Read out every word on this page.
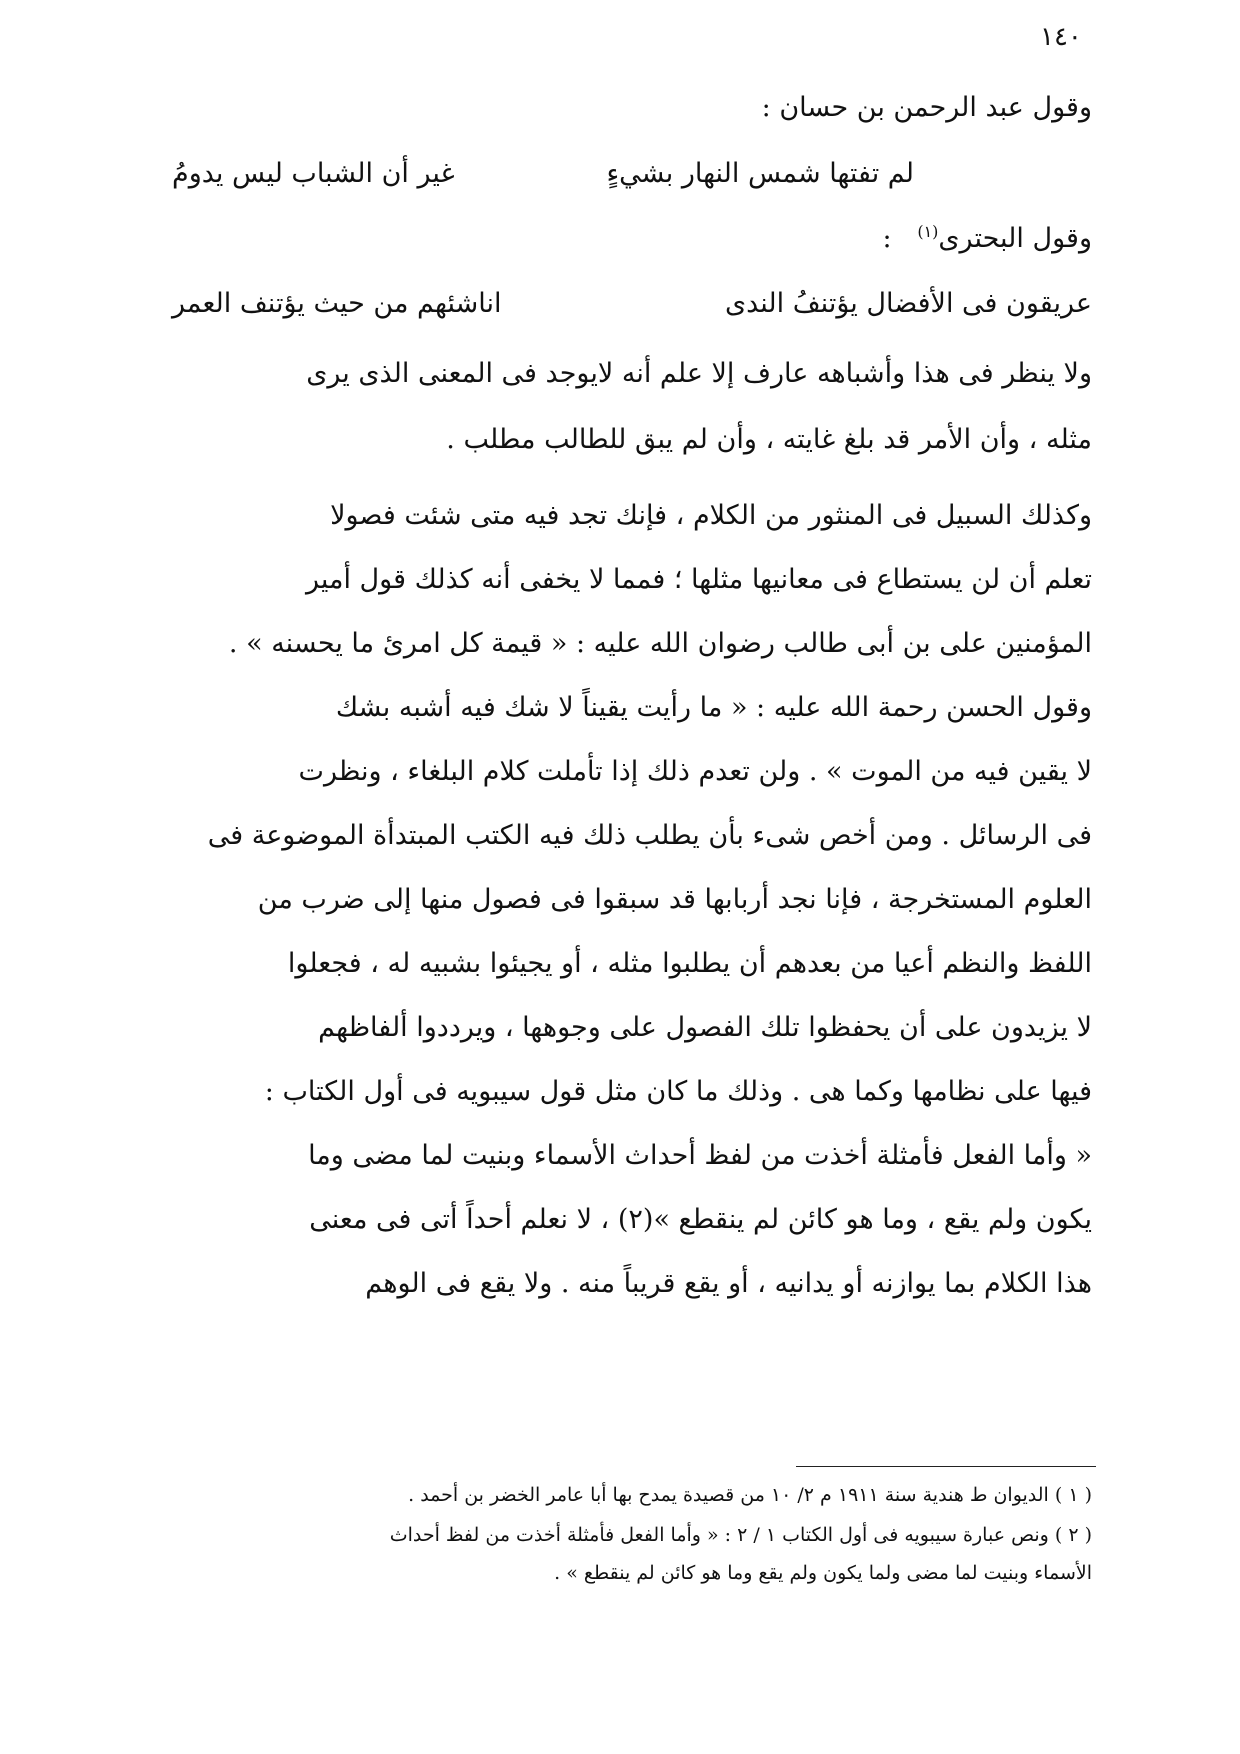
١٤٠
وقول عبد الرحمن بن حسان :
لم تفتها شمس النهار بشيءٍ
غير أن الشباب ليس يدومُ
وقول البحترى$^{(١)}$   :
عريقون فى الأفضال يؤتنفُ الندى
اناشئهم من حيث يؤتنف العمر
ولا ينظر فى هذا وأشباهه عارف إلا علم أنه لايوجد فى المعنى الذى يرى
مثله ، وأن الأمر قد بلغ غايته ، وأن لم يبق للطالب مطلب .
وكذلك السبيل فى المنثور من الكلام ، فإنك تجد فيه متى شئت فصولا
تعلم أن لن يستطاع فى معانيها مثلها ؛ فمما لا يخفى أنه كذلك قول أمير
المؤمنين على بن أبى طالب رضوان الله عليه : « قيمة كل امرئ ما يحسنه » .
وقول الحسن رحمة الله عليه : « ما رأيت يقيناً لا شك فيه أشبه بشك
لا يقين فيه من الموت » . ولن تعدم ذلك إذا تأملت كلام البلغاء ، ونظرت
فى الرسائل . ومن أخص شىء بأن يطلب ذلك فيه الكتب المبتدأة الموضوعة فى
العلوم المستخرجة ، فإنا نجد أربابها قد سبقوا فى فصول منها إلى ضرب من
اللفظ والنظم أعيا من بعدهم أن يطلبوا مثله ، أو يجيئوا بشبيه له ، فجعلوا
لا يزيدون على أن يحفظوا تلك الفصول على وجوهها ، ويرددوا ألفاظهم
فيها على نظامها وكما هى . وذلك ما كان مثل قول سيبويه فى أول الكتاب :
« وأما الفعل فأمثلة أخذت من لفظ أحداث الأسماء وبنيت لما مضى وما
يكون ولم يقع ، وما هو كائن لم ينقطع »(٢) ، لا نعلم أحداً أتى فى معنى
هذا الكلام بما يوازنه أو يدانيه ، أو يقع قريباً منه . ولا يقع فى الوهم
( ١ ) الديوان ط هندية سنة ١٩١١ م ٢/ ١٠ من قصيدة يمدح بها أبا عامر الخضر بن أحمد .
( ٢ ) ونص عبارة سيبويه فى أول الكتاب ١ / ٢ : « وأما الفعل فأمثلة أخذت من لفظ أحداث
الأسماء وبنيت لما مضى ولما يكون ولم يقع وما هو كائن لم ينقطع » .
